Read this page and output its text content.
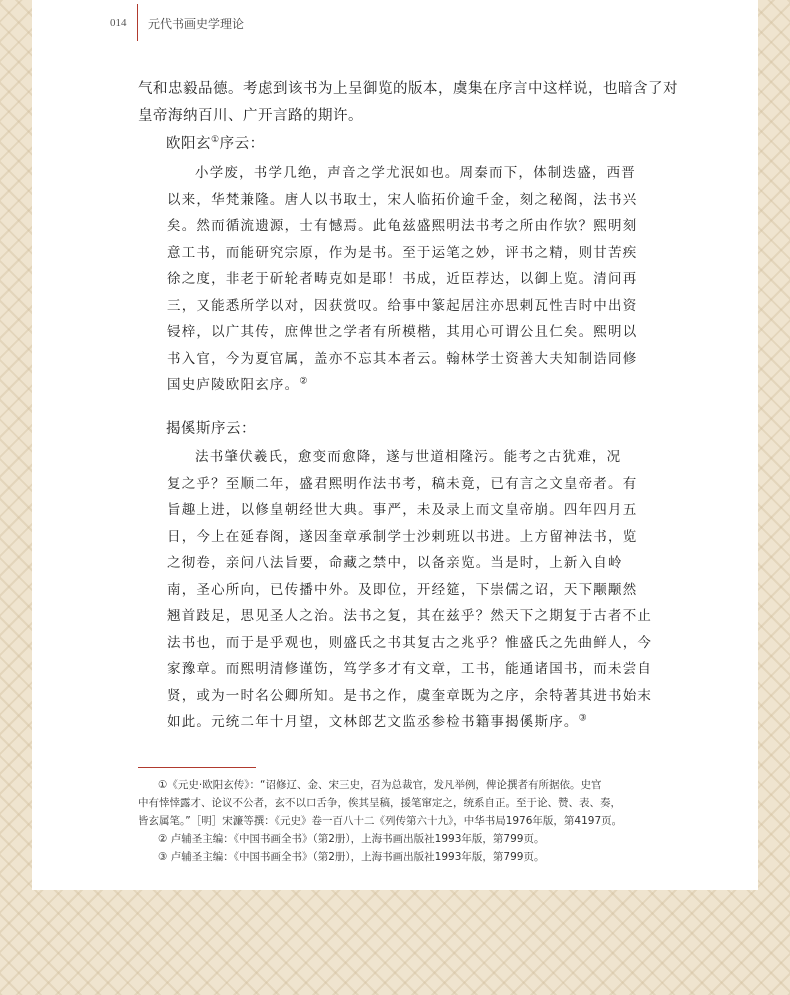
014 元代书画史学理论

气和忠毅品德。考虑到该书为上呈御览的版本，虞集在序言中这样说，也暗含了对
皇帝海纳百川、广开言路的期许。

欧阳玄①序云：

小学废，书学几绝，声音之学尤泯如也。周秦而下，体制迭盛，西晋
以来，华梵兼隆。唐人以书取士，宋人临拓价逾千金，刻之秘阁，法书兴
矣。然而循流遗源，士有憾焉。此龟兹盛熙明法书考之所由作欤？熙明刻
意工书，而能研究宗原，作为是书。至于运笔之妙，评书之精，则甘苦疾
徐之度，非老于斫轮者畴克如是耶！书成，近臣荐达，以御上览。清问再
三，又能悉所学以对，因获赏叹。给事中篆起居注亦思剌瓦性吉时中出资
锓梓，以广其传，庶俾世之学者有所模楷，其用心可谓公且仁矣。熙明以
书入官，今为夏官属，盖亦不忘其本者云。翰林学士资善大夫知制诰同修
国史庐陵欧阳玄序。②

揭傒斯序云：

法书肇伏羲氏，愈变而愈降，遂与世道相隆污。能考之古犹难，况
复之乎？至顺二年，盛君熙明作法书考，稿未竟，已有言之文皇帝者。有
旨趣上进，以修皇朝经世大典。事严，未及录上而文皇帝崩。四年四月五
日，今上在延春阁，遂因奎章承制学士沙剌班以书进。上方留神法书，览
之彻卷，亲问八法旨要，命藏之禁中，以备亲览。当是时，上新入自岭
南，圣心所向，已传播中外。及即位，开经筵，下崇儒之诏，天下颙颙然
翘首跂足，思见圣人之治。法书之复，其在兹乎？然天下之期复于古者不止
法书也，而于是乎观也，则盛氏之书其复古之兆乎？惟盛氏之先曲鲜人，今
家豫章。而熙明清修谨饬，笃学多才有文章，工书，能通诸国书，而未尝自
贤，或为一时名公卿所知。是书之作，虞奎章既为之序，余特著其进书始末
如此。元统二年十月望，文林郎艺文监丞参检书籍事揭傒斯序。③

①《元史·欧阳玄传》：“诏修辽、金、宋三史，召为总裁官，发凡举例，俾论撰者有所据依。史官
中有悻悻露才、论议不公者，玄不以口舌争，俟其呈稿，援笔窜定之，统系自正。至于论、赞、表、奏，
皆玄属笔。”［明］宋濂等撰：《元史》卷一百八十二《列传第六十九》，中华书局1976年版，第4197页。
② 卢辅圣主编：《中国书画全书》（第2册），上海书画出版社1993年版，第799页。
③ 卢辅圣主编：《中国书画全书》（第2册），上海书画出版社1993年版，第799页。
